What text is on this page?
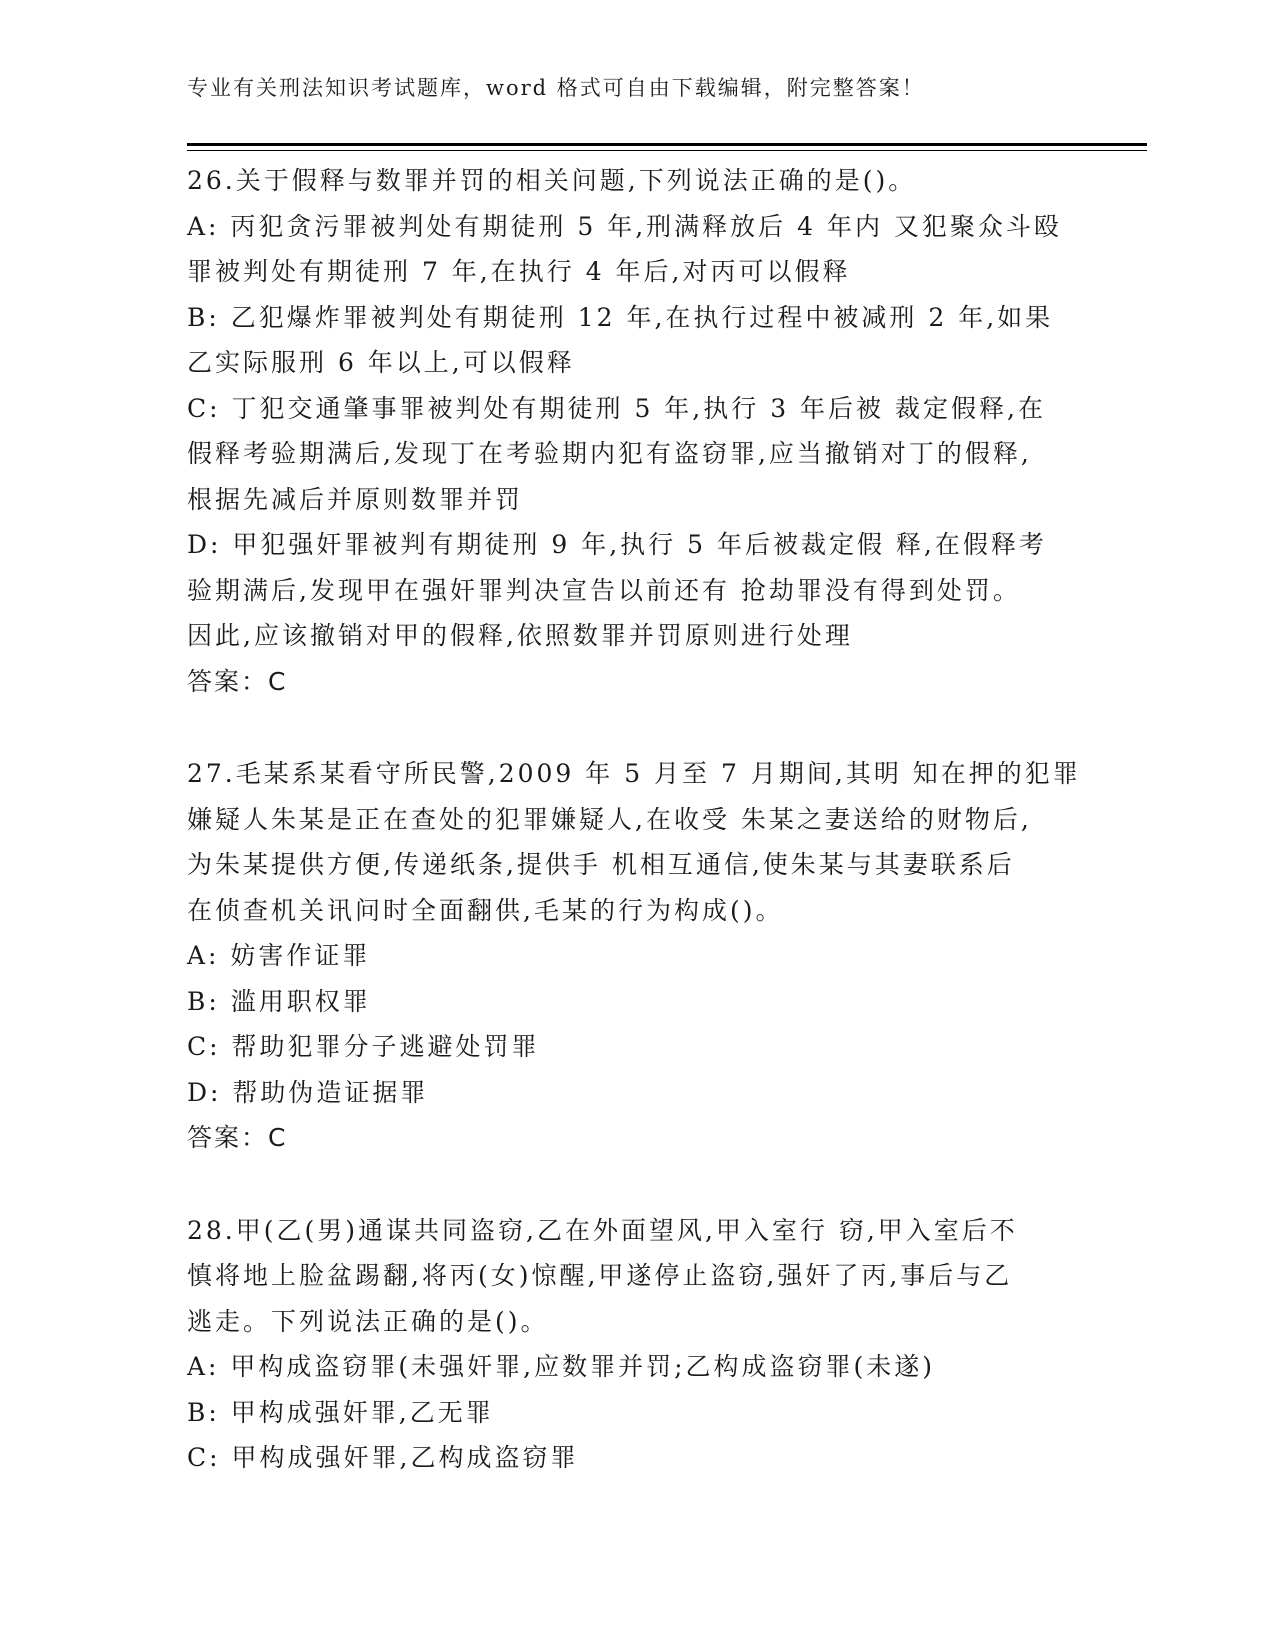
专业有关刑法知识考试题库，word 格式可自由下载编辑，附完整答案！
26.关于假释与数罪并罚的相关问题,下列说法正确的是()。
A: 丙犯贪污罪被判处有期徒刑 5 年,刑满释放后 4 年内 又犯聚众斗殴
罪被判处有期徒刑 7 年,在执行 4 年后,对丙可以假释
B: 乙犯爆炸罪被判处有期徒刑 12 年,在执行过程中被减刑 2 年,如果
乙实际服刑 6 年以上,可以假释
C: 丁犯交通肇事罪被判处有期徒刑 5 年,执行 3 年后被 裁定假释,在
假释考验期满后,发现丁在考验期内犯有盗窃罪,应当撤销对丁的假释,
根据先减后并原则数罪并罚
D: 甲犯强奸罪被判有期徒刑 9 年,执行 5 年后被裁定假 释,在假释考
验期满后,发现甲在强奸罪判决宣告以前还有 抢劫罪没有得到处罚。
因此,应该撤销对甲的假释,依照数罪并罚原则进行处理
答案：C
27.毛某系某看守所民警,2009 年 5 月至 7 月期间,其明 知在押的犯罪
嫌疑人朱某是正在查处的犯罪嫌疑人,在收受 朱某之妻送给的财物后,
为朱某提供方便,传递纸条,提供手 机相互通信,使朱某与其妻联系后
在侦查机关讯问时全面翻供,毛某的行为构成()。
A: 妨害作证罪
B: 滥用职权罪
C: 帮助犯罪分子逃避处罚罪
D: 帮助伪造证据罪
答案：C
28.甲(乙(男)通谋共同盗窃,乙在外面望风,甲入室行 窃,甲入室后不
慎将地上脸盆踢翻,将丙(女)惊醒,甲遂停止盗窃,强奸了丙,事后与乙
逃走。下列说法正确的是()。
A: 甲构成盗窃罪(未强奸罪,应数罪并罚;乙构成盗窃罪(未遂)
B: 甲构成强奸罪,乙无罪
C: 甲构成强奸罪,乙构成盗窃罪
